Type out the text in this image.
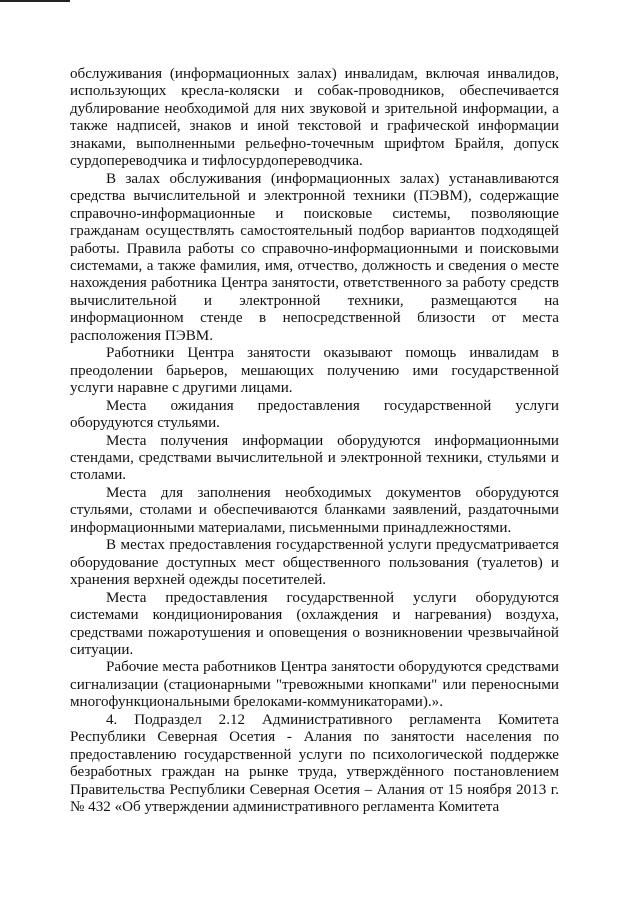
обслуживания (информационных залах) инвалидам, включая инвалидов, использующих кресла-коляски и собак-проводников, обеспечивается дублирование необходимой для них звуковой и зрительной информации, а также надписей, знаков и иной текстовой и графической информации знаками, выполненными рельефно-точечным шрифтом Брайля, допуск сурдопереводчика и тифлосурдопереводчика.

В залах обслуживания (информационных залах) устанавливаются средства вычислительной и электронной техники (ПЭВМ), содержащие справочно-информационные и поисковые системы, позволяющие гражданам осуществлять самостоятельный подбор вариантов подходящей работы. Правила работы со справочно-информационными и поисковыми системами, а также фамилия, имя, отчество, должность и сведения о месте нахождения работника Центра занятости, ответственного за работу средств вычислительной и электронной техники, размещаются на информационном стенде в непосредственной близости от места расположения ПЭВМ.

Работники Центра занятости оказывают помощь инвалидам в преодолении барьеров, мешающих получению ими государственной услуги наравне с другими лицами.

Места ожидания предоставления государственной услуги оборудуются стульями.

Места получения информации оборудуются информационными стендами, средствами вычислительной и электронной техники, стульями и столами.

Места для заполнения необходимых документов оборудуются стульями, столами и обеспечиваются бланками заявлений, раздаточными информационными материалами, письменными принадлежностями.

В местах предоставления государственной услуги предусматривается оборудование доступных мест общественного пользования (туалетов) и хранения верхней одежды посетителей.

Места предоставления государственной услуги оборудуются системами кондиционирования (охлаждения и нагревания) воздуха, средствами пожаротушения и оповещения о возникновении чрезвычайной ситуации.

Рабочие места работников Центра занятости оборудуются средствами сигнализации (стационарными "тревожными кнопками" или переносными многофункциональными брелоками-коммуникаторами).».

4. Подраздел 2.12 Административного регламента Комитета Республики Северная Осетия - Алания по занятости населения по предоставлению государственной услуги по психологической поддержке безработных граждан на рынке труда, утверждённого постановлением Правительства Республики Северная Осетия – Алания от 15 ноября 2013 г. № 432 «Об утверждении административного регламента Комитета
